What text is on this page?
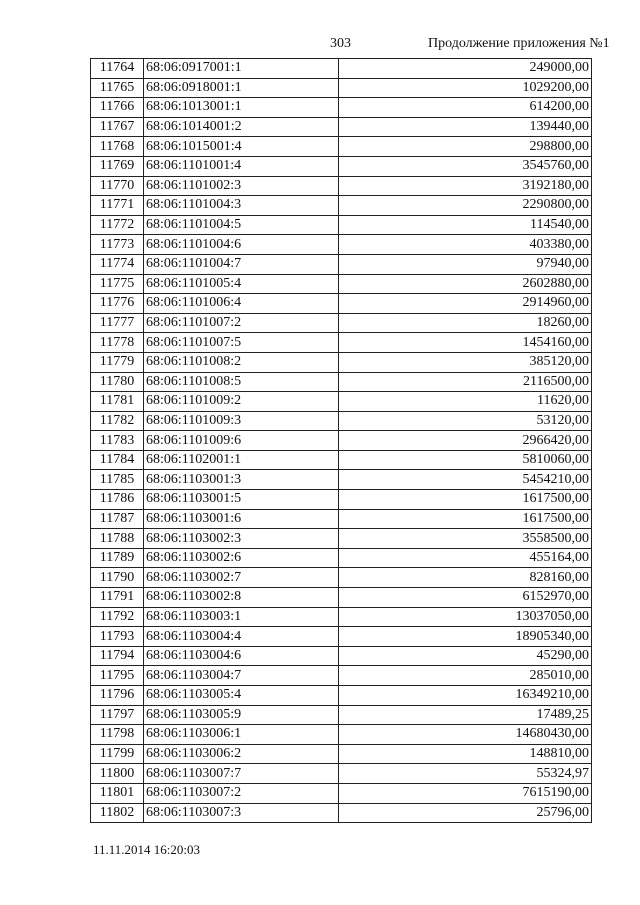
303	Продолжение приложения №1
11764	68:06:0917001:1	249000,00
11765	68:06:0918001:1	1029200,00
11766	68:06:1013001:1	614200,00
11767	68:06:1014001:2	139440,00
11768	68:06:1015001:4	298800,00
11769	68:06:1101001:4	3545760,00
11770	68:06:1101002:3	3192180,00
11771	68:06:1101004:3	2290800,00
11772	68:06:1101004:5	114540,00
11773	68:06:1101004:6	403380,00
11774	68:06:1101004:7	97940,00
11775	68:06:1101005:4	2602880,00
11776	68:06:1101006:4	2914960,00
11777	68:06:1101007:2	18260,00
11778	68:06:1101007:5	1454160,00
11779	68:06:1101008:2	385120,00
11780	68:06:1101008:5	2116500,00
11781	68:06:1101009:2	11620,00
11782	68:06:1101009:3	53120,00
11783	68:06:1101009:6	2966420,00
11784	68:06:1102001:1	5810060,00
11785	68:06:1103001:3	5454210,00
11786	68:06:1103001:5	1617500,00
11787	68:06:1103001:6	1617500,00
11788	68:06:1103002:3	3558500,00
11789	68:06:1103002:6	455164,00
11790	68:06:1103002:7	828160,00
11791	68:06:1103002:8	6152970,00
11792	68:06:1103003:1	13037050,00
11793	68:06:1103004:4	18905340,00
11794	68:06:1103004:6	45290,00
11795	68:06:1103004:7	285010,00
11796	68:06:1103005:4	16349210,00
11797	68:06:1103005:9	17489,25
11798	68:06:1103006:1	14680430,00
11799	68:06:1103006:2	148810,00
11800	68:06:1103007:7	55324,97
11801	68:06:1103007:2	7615190,00
11802	68:06:1103007:3	25796,00
11.11.2014 16:20:03
